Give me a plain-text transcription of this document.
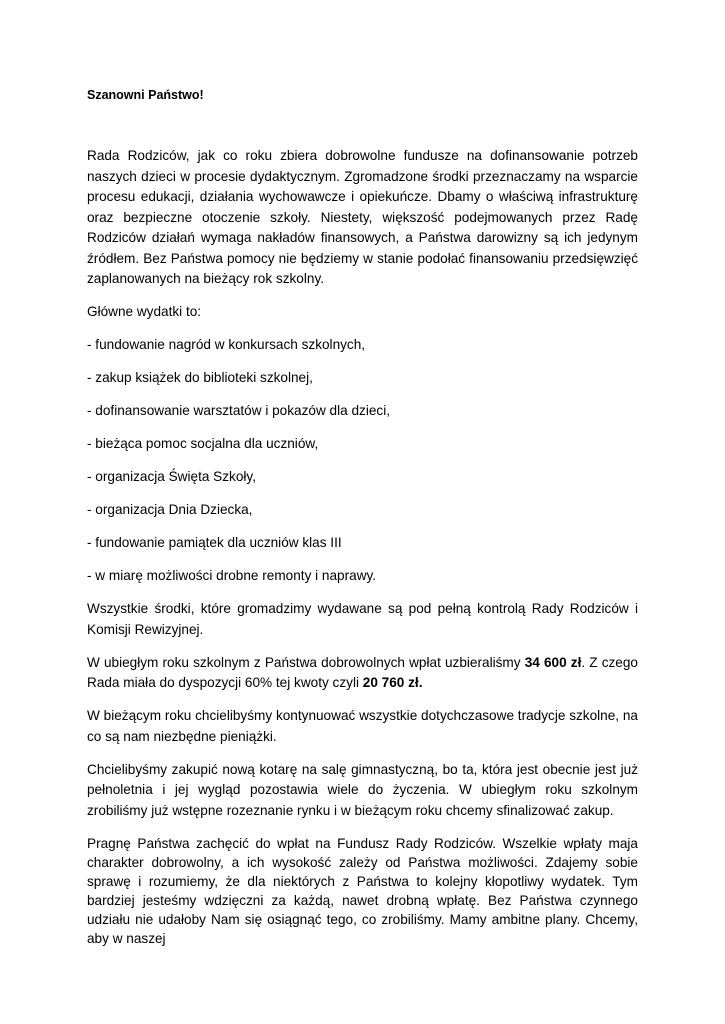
Szanowni Państwo!

Rada Rodziców, jak co roku zbiera dobrowolne fundusze na dofinansowanie potrzeb naszych dzieci w procesie dydaktycznym. Zgromadzone środki przeznaczamy na wsparcie procesu edukacji, działania wychowawcze i opiekuńcze. Dbamy o właściwą infrastrukturę oraz bezpieczne otoczenie szkoły. Niestety, większość podejmowanych przez Radę Rodziców działań wymaga nakładów finansowych, a Państwa darowizny są ich jedynym źródłem. Bez Państwa pomocy nie będziemy w stanie podołać finansowaniu przedsięwzięć zaplanowanych na bieżący rok szkolny.

Główne wydatki to:

- fundowanie nagród w konkursach szkolnych,

- zakup książek do biblioteki szkolnej,

- dofinansowanie warsztatów i pokazów dla dzieci,

- bieżąca pomoc socjalna dla uczniów,

- organizacja Święta Szkoły,

- organizacja Dnia Dziecka,

- fundowanie pamiątek dla uczniów klas III

- w miarę możliwości drobne remonty i naprawy.

Wszystkie środki, które gromadzimy wydawane są pod pełną kontrolą Rady Rodziców i Komisji Rewizyjnej.

W ubiegłym roku szkolnym z Państwa dobrowolnych wpłat uzbieraliśmy 34 600 zł. Z czego Rada miała do dyspozycji 60% tej kwoty czyli 20 760 zł.

W bieżącym roku chcielibyśmy kontynuować wszystkie dotychczasowe tradycje szkolne, na co są nam niezbędne pieniążki.

Chcielibyśmy zakupić nową kotarę na salę gimnastyczną, bo ta, która jest obecnie jest już pełnoletnia i jej wygląd pozostawia wiele do życzenia. W ubiegłym roku szkolnym zrobiliśmy już wstępne rozeznanie rynku i w bieżącym roku chcemy sfinalizować zakup.

Pragnę Państwa zachęcić do wpłat na Fundusz Rady Rodziców. Wszelkie wpłaty maja charakter dobrowolny, a ich wysokość zależy od Państwa możliwości. Zdajemy sobie sprawę i rozumiemy, że dla niektórych z Państwa to kolejny kłopotliwy wydatek. Tym bardziej jesteśmy wdzięczni za każdą, nawet drobną wpłatę. Bez Państwa czynnego udziału nie udałoby Nam się osiągnąć tego, co zrobiliśmy. Mamy ambitne plany. Chcemy, aby w naszej
